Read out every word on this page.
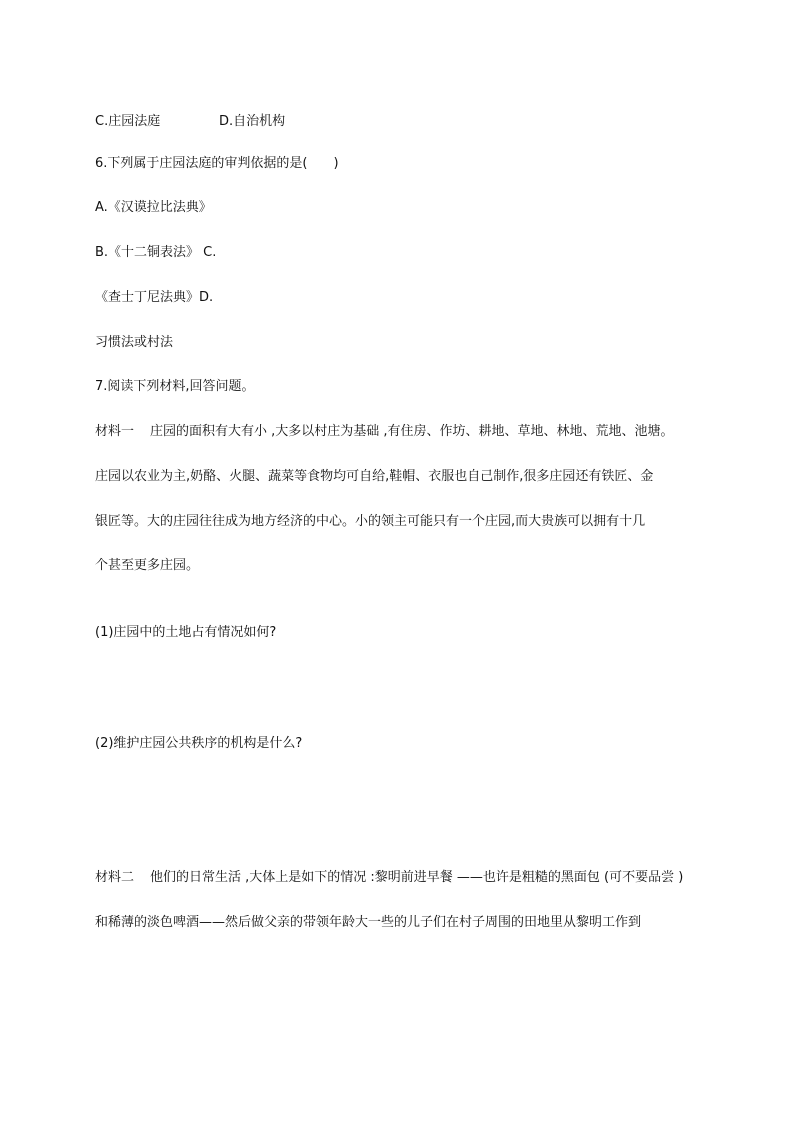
C.庄园法庭	D.自治机构

6.下列属于庄园法庭的审判依据的是(　　)

A.《汉谟拉比法典》

B.《十二铜表法》 C.

《查士丁尼法典》D.

习惯法或村法

7.阅读下列材料,回答问题。

材料一 庄园的面积有大有小 ,大多以村庄为基础 ,有住房、作坊、耕地、草地、林地、荒地、池塘。

庄园以农业为主,奶酪、火腿、蔬菜等食物均可自给,鞋帽、衣服也自己制作,很多庄园还有铁匠、金

银匠等。大的庄园往往成为地方经济的中心。小的领主可能只有一个庄园,而大贵族可以拥有十几

个甚至更多庄园。

(1)庄园中的土地占有情况如何?

(2)维护庄园公共秩序的机构是什么?

材料二 他们的日常生活 ,大体上是如下的情况 :黎明前进早餐 ——也许是粗糙的黑面包 (可不要品尝 )

和稀薄的淡色啤酒——然后做父亲的带领年龄大一些的儿子们在村子周围的田地里从黎明工作到
